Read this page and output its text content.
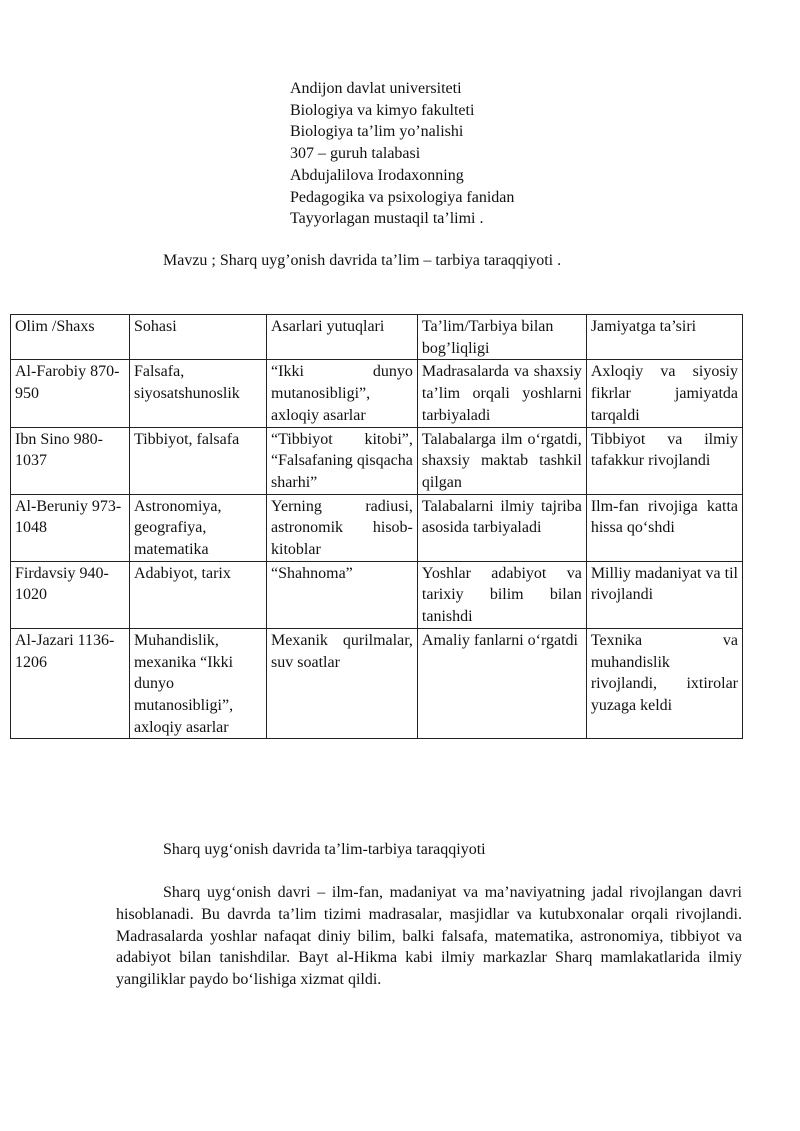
Andijon davlat universiteti
Biologiya va kimyo fakulteti
Biologiya ta’lim yo’nalishi
307 – guruh talabasi
Abdujalilova Irodaxonning
Pedagogika va psixologiya fanidan
Tayyorlagan mustaqil ta’limi .
Mavzu ; Sharq uyg’onish davrida ta’lim – tarbiya taraqqiyoti .
Olim /Shaxs	Sohasi	Asarlari yutuqlari	Ta’lim/Tarbiya bilan bog’liqligi	Jamiyatga ta’siri
Al-Farobiy 870-950	Falsafa, siyosatshunoslik	“Ikki dunyo mutanosibligi”, axloqiy asarlar	Madrasalarda va shaxsiy ta’lim orqali yoshlarni tarbiyaladi	Axloqiy va siyosiy fikrlar jamiyatda tarqaldi
Ibn Sino 980-1037	Tibbiyot, falsafa	“Tibbiyot kitobi”, “Falsafaning qisqacha sharhi”	Talabalarga ilm o‘rgatdi, shaxsiy maktab tashkil qilgan	Tibbiyot va ilmiy tafakkur rivojlandi
Al-Beruniy 973-1048	Astronomiya, geografiya, matematika	Yerning radiusi, astronomik hisob-kitoblar	Talabalarni ilmiy tajriba asosida tarbiyaladi	Ilm-fan rivojiga katta hissa qo‘shdi
Firdavsiy 940-1020	Adabiyot, tarix	“Shahnoma”	Yoshlar adabiyot va tarixiy bilim bilan tanishdi	Milliy madaniyat va til rivojlandi
Al-Jazari 1136-1206	Muhandislik, mexanika “Ikki dunyo mutanosibligi”, axloqiy asarlar	Mexanik qurilmalar, suv soatlar	Amaliy fanlarni o‘rgatdi	Texnika va muhandislik rivojlandi, ixtirolar yuzaga keldi
Sharq uyg‘onish davrida ta’lim-tarbiya taraqqiyoti

Sharq uyg‘onish davri – ilm-fan, madaniyat va ma’naviyatning jadal rivojlangan davri hisoblanadi. Bu davrda ta’lim tizimi madrasalar, masjidlar va kutubxonalar orqali rivojlandi. Madrasalarda yoshlar nafaqat diniy bilim, balki falsafa, matematika, astronomiya, tibbiyot va adabiyot bilan tanishdilar. Bayt al-Hikma kabi ilmiy markazlar Sharq mamlakatlarida ilmiy yangiliklar paydo bo‘lishiga xizmat qildi.
